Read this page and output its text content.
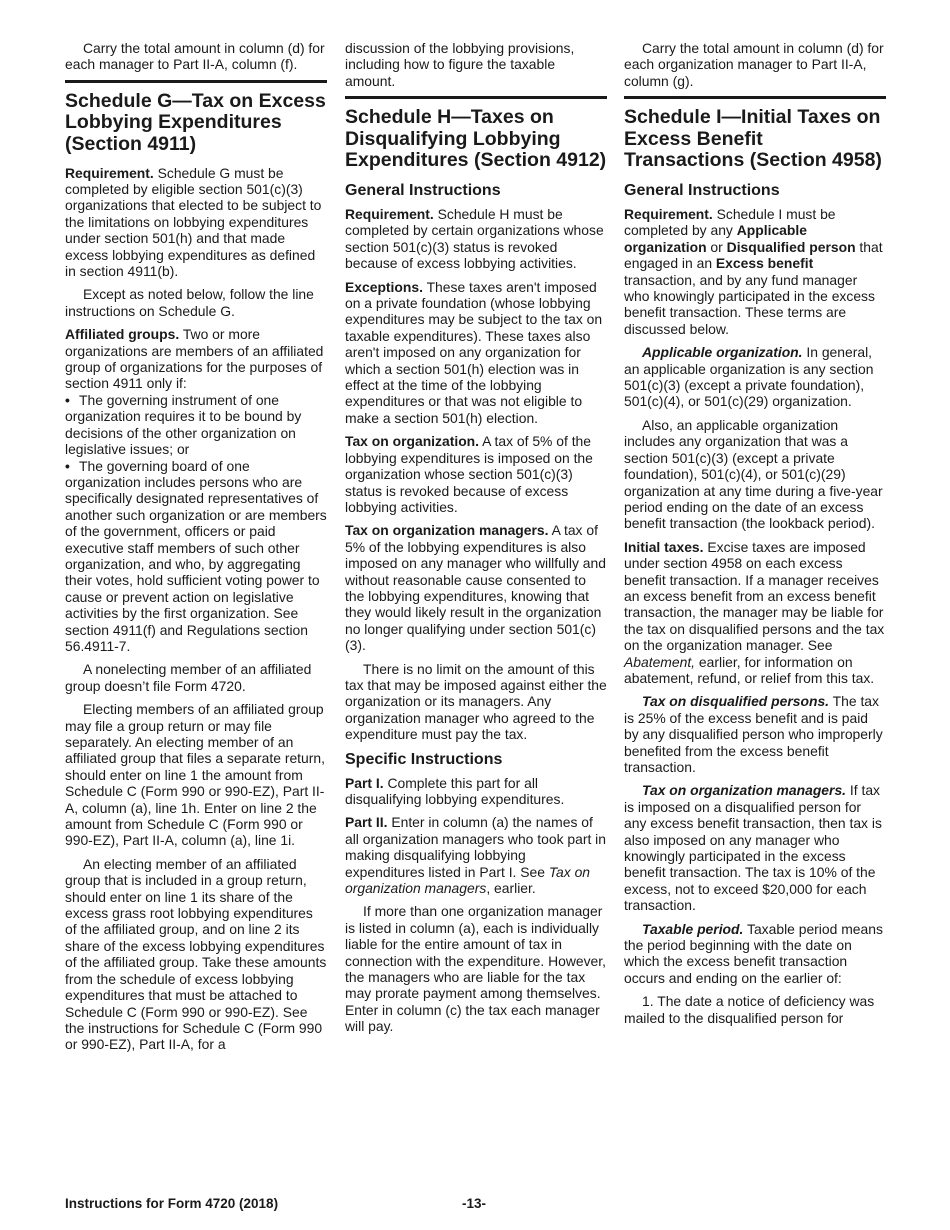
Carry the total amount in column (d) for each manager to Part II-A, column (f).

Schedule G—Tax on Excess Lobbying Expenditures (Section 4911)

Requirement. Schedule G must be completed by eligible section 501(c)(3) organizations that elected to be subject to the limitations on lobbying expenditures under section 501(h) and that made excess lobbying expenditures as defined in section 4911(b).

Except as noted below, follow the line instructions on Schedule G.

Affiliated groups. Two or more organizations are members of an affiliated group of organizations for the purposes of section 4911 only if:

• The governing instrument of one organization requires it to be bound by decisions of the other organization on legislative issues; or

• The governing board of one organization includes persons who are specifically designated representatives of another such organization or are members of the government, officers or paid executive staff members of such other organization, and who, by aggregating their votes, hold sufficient voting power to cause or prevent action on legislative activities by the first organization. See section 4911(f) and Regulations section 56.4911-7.

A nonelecting member of an affiliated group doesn’t file Form 4720.

Electing members of an affiliated group may file a group return or may file separately. An electing member of an affiliated group that files a separate return, should enter on line 1 the amount from Schedule C (Form 990 or 990-EZ), Part II-A, column (a), line 1h. Enter on line 2 the amount from Schedule C (Form 990 or 990-EZ), Part II-A, column (a), line 1i.

An electing member of an affiliated group that is included in a group return, should enter on line 1 its share of the excess grass root lobbying expenditures of the affiliated group, and on line 2 its share of the excess lobbying expenditures of the affiliated group. Take these amounts from the schedule of excess lobbying expenditures that must be attached to Schedule C (Form 990 or 990-EZ). See the instructions for Schedule C (Form 990 or 990-EZ), Part II-A, for a

discussion of the lobbying provisions, including how to figure the taxable amount.

Schedule H—Taxes on Disqualifying Lobbying Expenditures (Section 4912)
General Instructions

Requirement. Schedule H must be completed by certain organizations whose section 501(c)(3) status is revoked because of excess lobbying activities.

Exceptions. These taxes aren't imposed on a private foundation (whose lobbying expenditures may be subject to the tax on taxable expenditures). These taxes also aren't imposed on any organization for which a section 501(h) election was in effect at the time of the lobbying expenditures or that was not eligible to make a section 501(h) election.

Tax on organization. A tax of 5% of the lobbying expenditures is imposed on the organization whose section 501(c)(3) status is revoked because of excess lobbying activities.

Tax on organization managers. A tax of 5% of the lobbying expenditures is also imposed on any manager who willfully and without reasonable cause consented to the lobbying expenditures, knowing that they would likely result in the organization no longer qualifying under section 501(c)(3).

There is no limit on the amount of this tax that may be imposed against either the organization or its managers. Any organization manager who agreed to the expenditure must pay the tax.

Specific Instructions

Part I. Complete this part for all disqualifying lobbying expenditures.

Part II. Enter in column (a) the names of all organization managers who took part in making disqualifying lobbying expenditures listed in Part I. See Tax on organization managers, earlier.

If more than one organization manager is listed in column (a), each is individually liable for the entire amount of tax in connection with the expenditure. However, the managers who are liable for the tax may prorate payment among themselves. Enter in column (c) the tax each manager will pay.

Carry the total amount in column (d) for each organization manager to Part II-A, column (g).

Schedule I—Initial Taxes on Excess Benefit Transactions (Section 4958)
General Instructions

Requirement. Schedule I must be completed by any Applicable organization or Disqualified person that engaged in an Excess benefit transaction, and by any fund manager who knowingly participated in the excess benefit transaction. These terms are discussed below.

Applicable organization. In general, an applicable organization is any section 501(c)(3) (except a private foundation), 501(c)(4), or 501(c)(29) organization.

Also, an applicable organization includes any organization that was a section 501(c)(3) (except a private foundation), 501(c)(4), or 501(c)(29) organization at any time during a five-year period ending on the date of an excess benefit transaction (the lookback period).

Initial taxes. Excise taxes are imposed under section 4958 on each excess benefit transaction. If a manager receives an excess benefit from an excess benefit transaction, the manager may be liable for the tax on disqualified persons and the tax on the organization manager. See Abatement, earlier, for information on abatement, refund, or relief from this tax.

Tax on disqualified persons. The tax is 25% of the excess benefit and is paid by any disqualified person who improperly benefited from the excess benefit transaction.

Tax on organization managers. If tax is imposed on a disqualified person for any excess benefit transaction, then tax is also imposed on any manager who knowingly participated in the excess benefit transaction. The tax is 10% of the excess, not to exceed $20,000 for each transaction.

Taxable period. Taxable period means the period beginning with the date on which the excess benefit transaction occurs and ending on the earlier of:

1. The date a notice of deficiency was mailed to the disqualified person for

Instructions for Form 4720 (2018)	-13-
